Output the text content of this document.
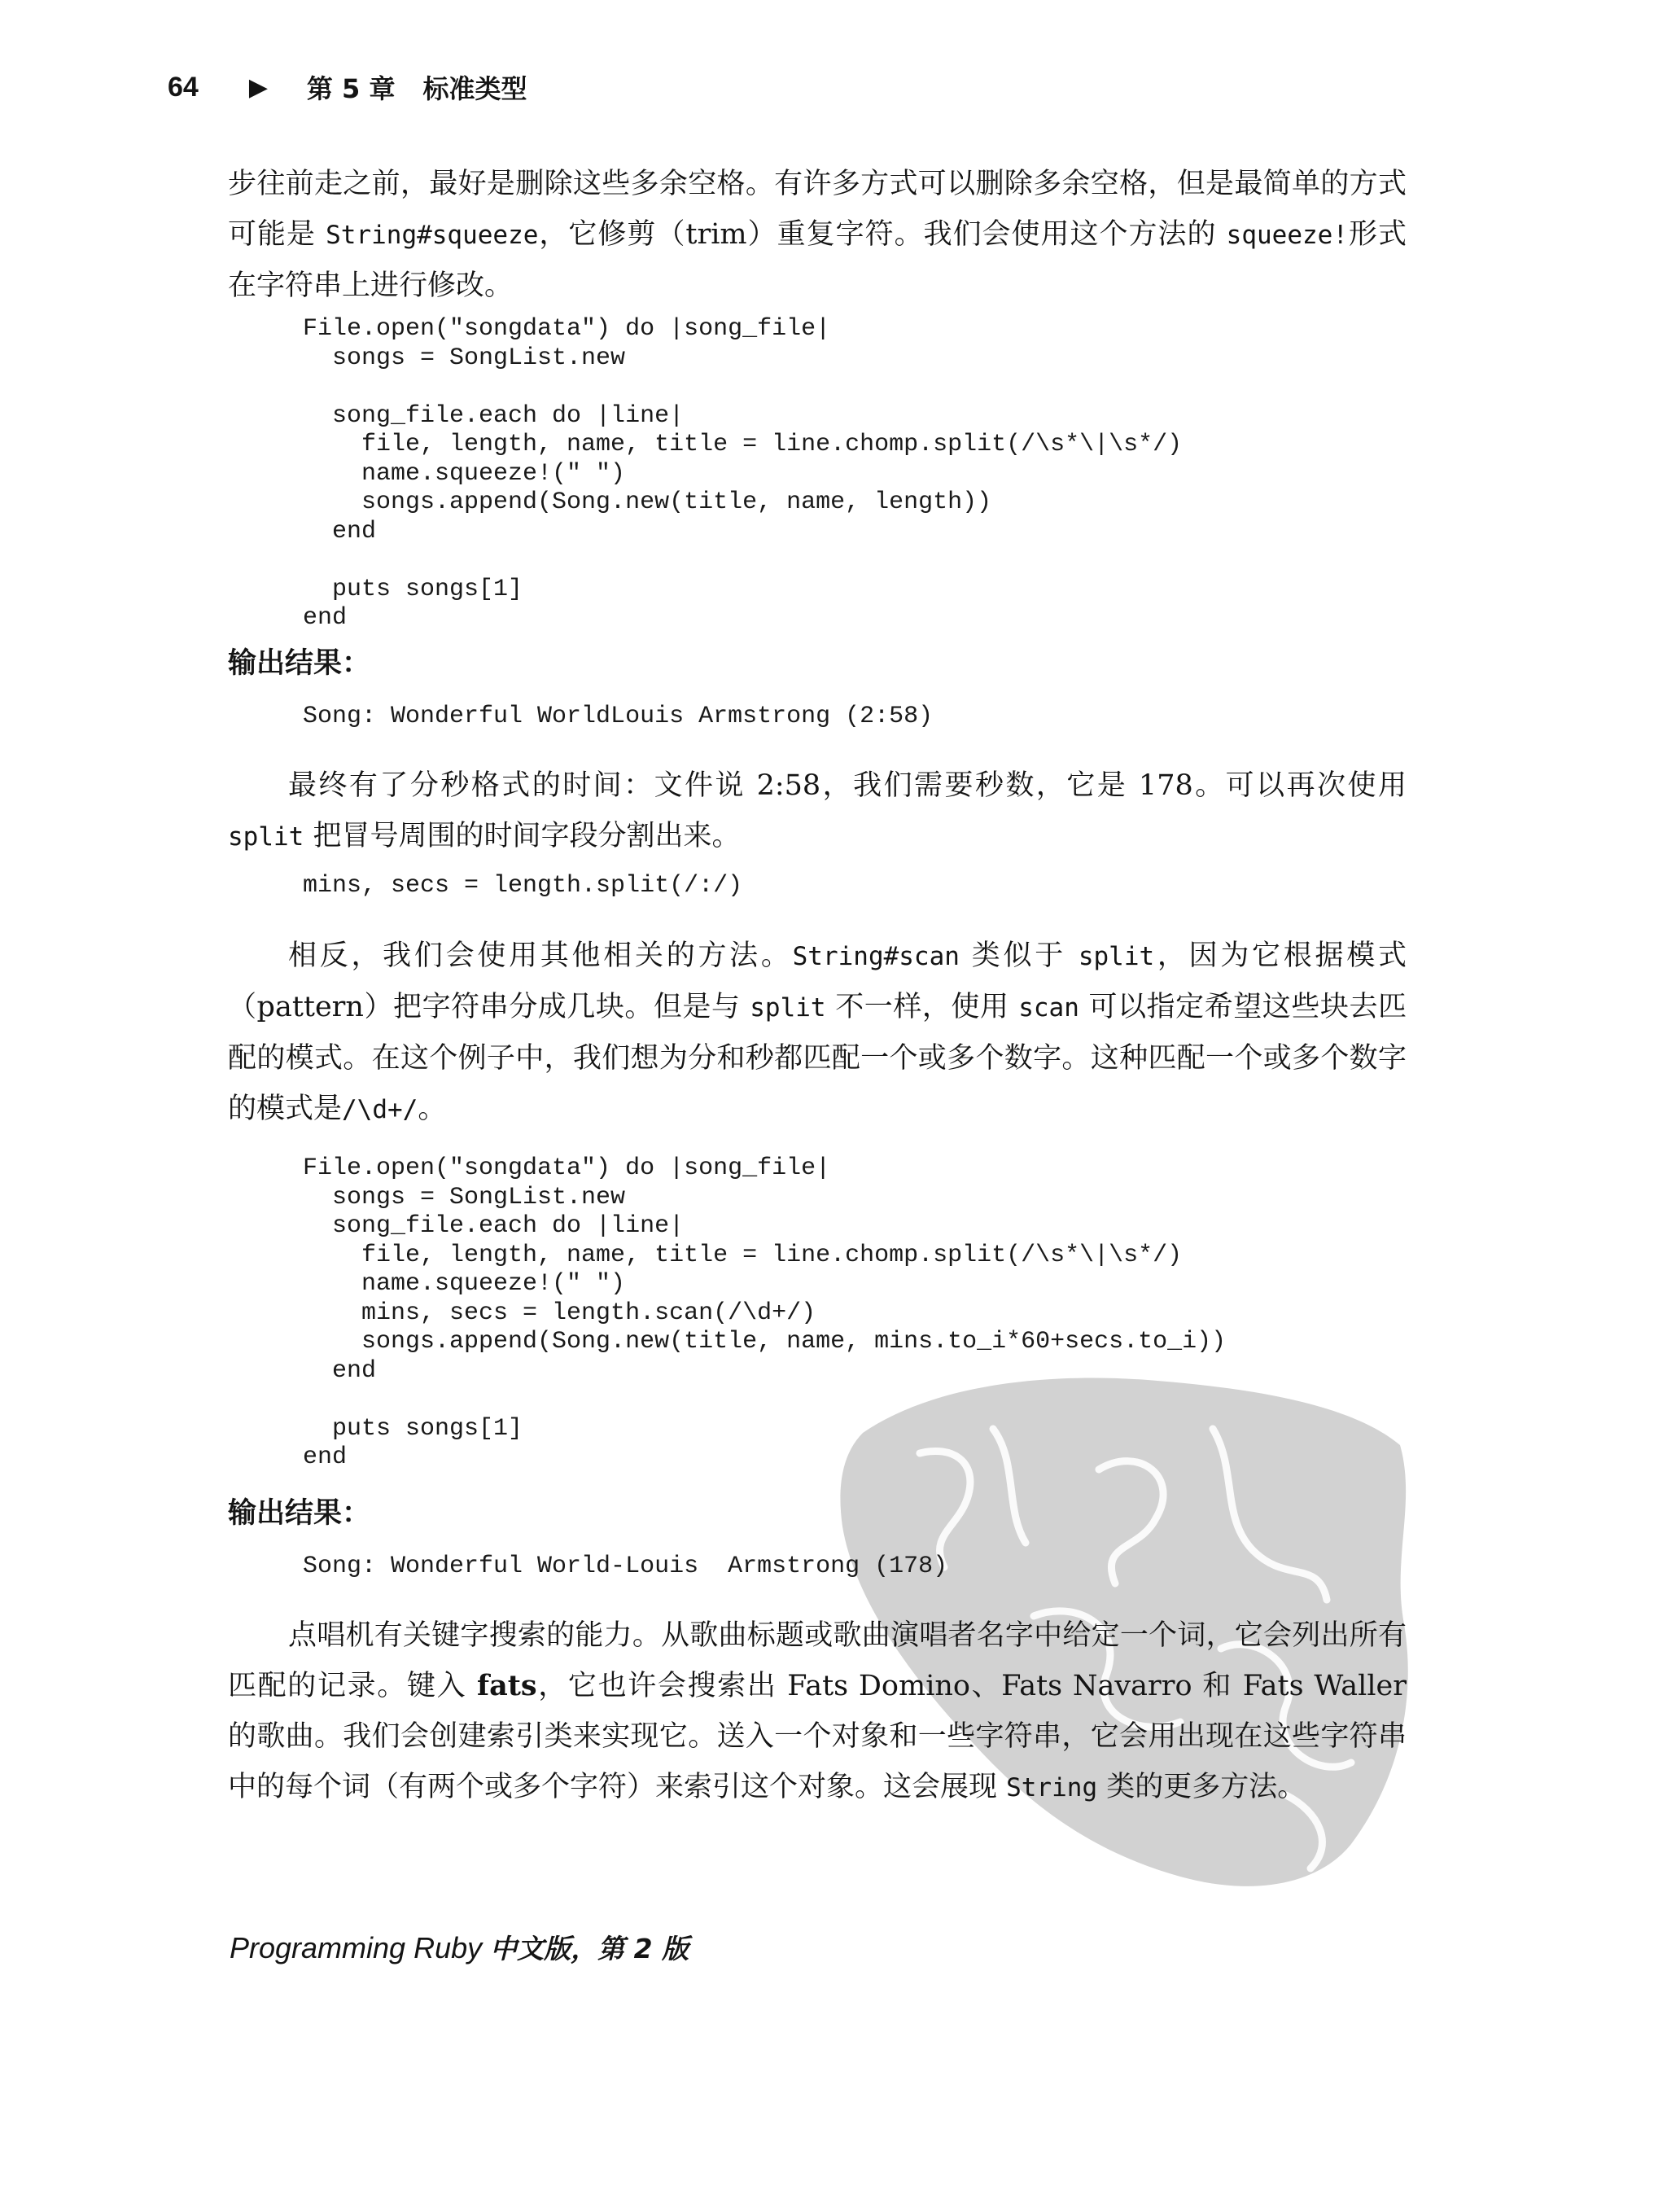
64 ▶ 第 5 章 标准类型
步往前走之前，最好是删除这些多余空格。有许多方式可以删除多余空格，但是最简单的方式可能是 String#squeeze，它修剪（trim）重复字符。我们会使用这个方法的 squeeze!形式在字符串上进行修改。
File.open("songdata") do |song_file|
songs = SongList.new

song_file.each do |line|
file, length, name, title = line.chomp.split(/\s*\|\s*/)
name.squeeze!(" ")
songs.append(Song.new(title, name, length))
end

puts songs[1]
end
输出结果：
Song: Wonderful WorldLouis Armstrong (2:58)
最终有了分秒格式的时间：文件说 2:58，我们需要秒数，它是 178。可以再次使用split 把冒号周围的时间字段分割出来。
mins, secs = length.split(/:/)
相反，我们会使用其他相关的方法。String#scan 类似于 split，因为它根据模式（pattern）把字符串分成几块。但是与 split 不一样，使用 scan 可以指定希望这些块去匹配的模式。在这个例子中，我们想为分和秒都匹配一个或多个数字。这种匹配一个或多个数字的模式是/\d+/。
File.open("songdata") do |song_file|
songs = SongList.new
song_file.each do |line|
file, length, name, title = line.chomp.split(/\s*\|\s*/)
name.squeeze!(" ")
mins, secs = length.scan(/\d+/)
songs.append(Song.new(title, name, mins.to_i*60+secs.to_i))
end

puts songs[1]
end
输出结果：
Song: Wonderful World-Louis  Armstrong (178)
点唱机有关键字搜索的能力。从歌曲标题或歌曲演唱者名字中给定一个词，它会列出所有匹配的记录。键入 fats，它也许会搜索出 Fats Domino、Fats Navarro 和 Fats Waller 的歌曲。我们会创建索引类来实现它。送入一个对象和一些字符串，它会用出现在这些字符串中的每个词（有两个或多个字符）来索引这个对象。这会展现 String 类的更多方法。
Programming Ruby 中文版，第 2 版
